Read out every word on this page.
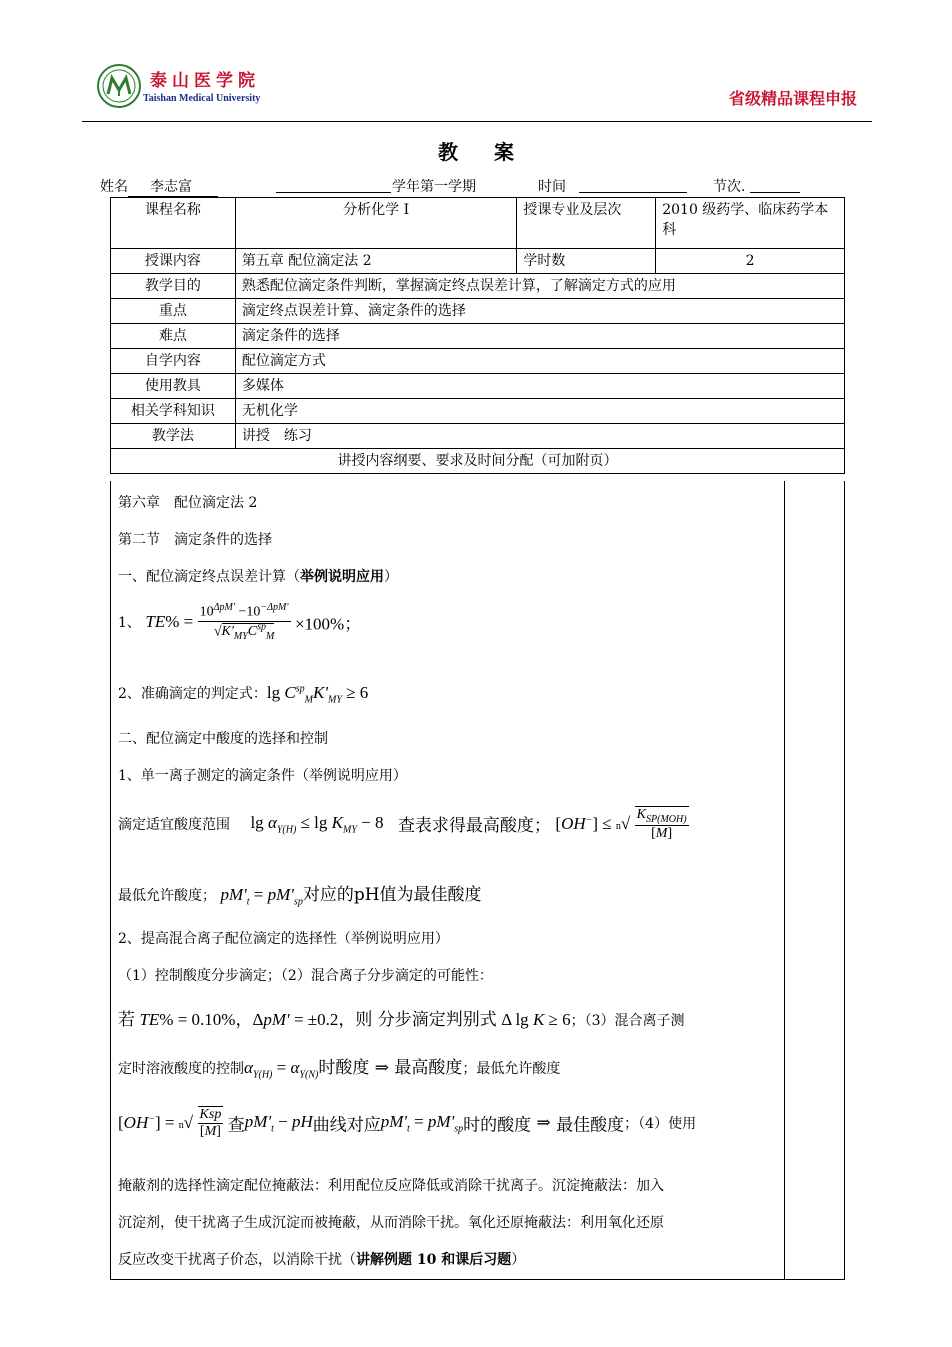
泰山医学院
Taishan Medical University	省级精品课程申报
教案
姓名	李志富	学年第一学期	时间	节次.
课程名称	分析化学 I	授课专业及层次	2010 级药学、临床药学本科
授课内容	第五章 配位滴定法 2	学时数	2
教学目的	熟悉配位滴定条件判断，掌握滴定终点误差计算，了解滴定方式的应用		
重点	滴定终点误差计算、滴定条件的选择		
难点	滴定条件的选择		
自学内容	配位滴定方式		
使用教具	多媒体		
相关学科知识	无机化学		
教学法	讲授　练习		
讲授内容纲要、要求及时间分配（可加附页）			
第六章　配位滴定法 2
第二节　滴定条件的选择
一、配位滴定终点误差计算（举例说明应用）
1、 $TE\% = \frac{10^{\Delta pM'} -10^{-\Delta pM'}}{√K'_{MY}C^{sp}_M} \times 100\%$；
2、准确滴定的判定式：$\lg C^{sp}_MK'_{MY} \ge 6$
二、配位滴定中酸度的选择和控制
1、单一离子测定的滴定条件（举例说明应用）
滴定适宜酸度范围 $\lg \alpha_{Y(H)} \le \lg K_{MY} - 8$ 查表求得最高酸度； $[OH^-] \le n√ \frac{K_{SP(MOH)}}{[M]}$
最低允许酸度； $pM'_t = pM'_{sp}$对应的pH值为最佳酸度
2、提高混合离子配位滴定的选择性（举例说明应用）
（1）控制酸度分步滴定；（2）混合离子分步滴定的可能性：
若 TE% = 0.10%，ΔpM' = ±0.2，则 分步滴定判别式 Δ lg K ≥ 6；（3）混合离子测
定时溶液酸度的控制$\alpha_{Y(H)} = \alpha_{Y(N)}$时酸度 ⇒ 最高酸度；最低允许酸度
$[OH^-] = n√ \frac{\text{Ksp}}{[M]}$ 查$pM'_t$ − pH曲线对应$pM'_t = pM'_{sp}$时的酸度 ⇒ 最佳酸度；（4）使用
掩蔽剂的选择性滴定配位掩蔽法：利用配位反应降低或消除干扰离子。沉淀掩蔽法：加入
沉淀剂，使干扰离子生成沉淀而被掩蔽，从而消除干扰。氧化还原掩蔽法：利用氧化还原
反应改变干扰离子价态，以消除干扰（讲解例题 10 和课后习题）
